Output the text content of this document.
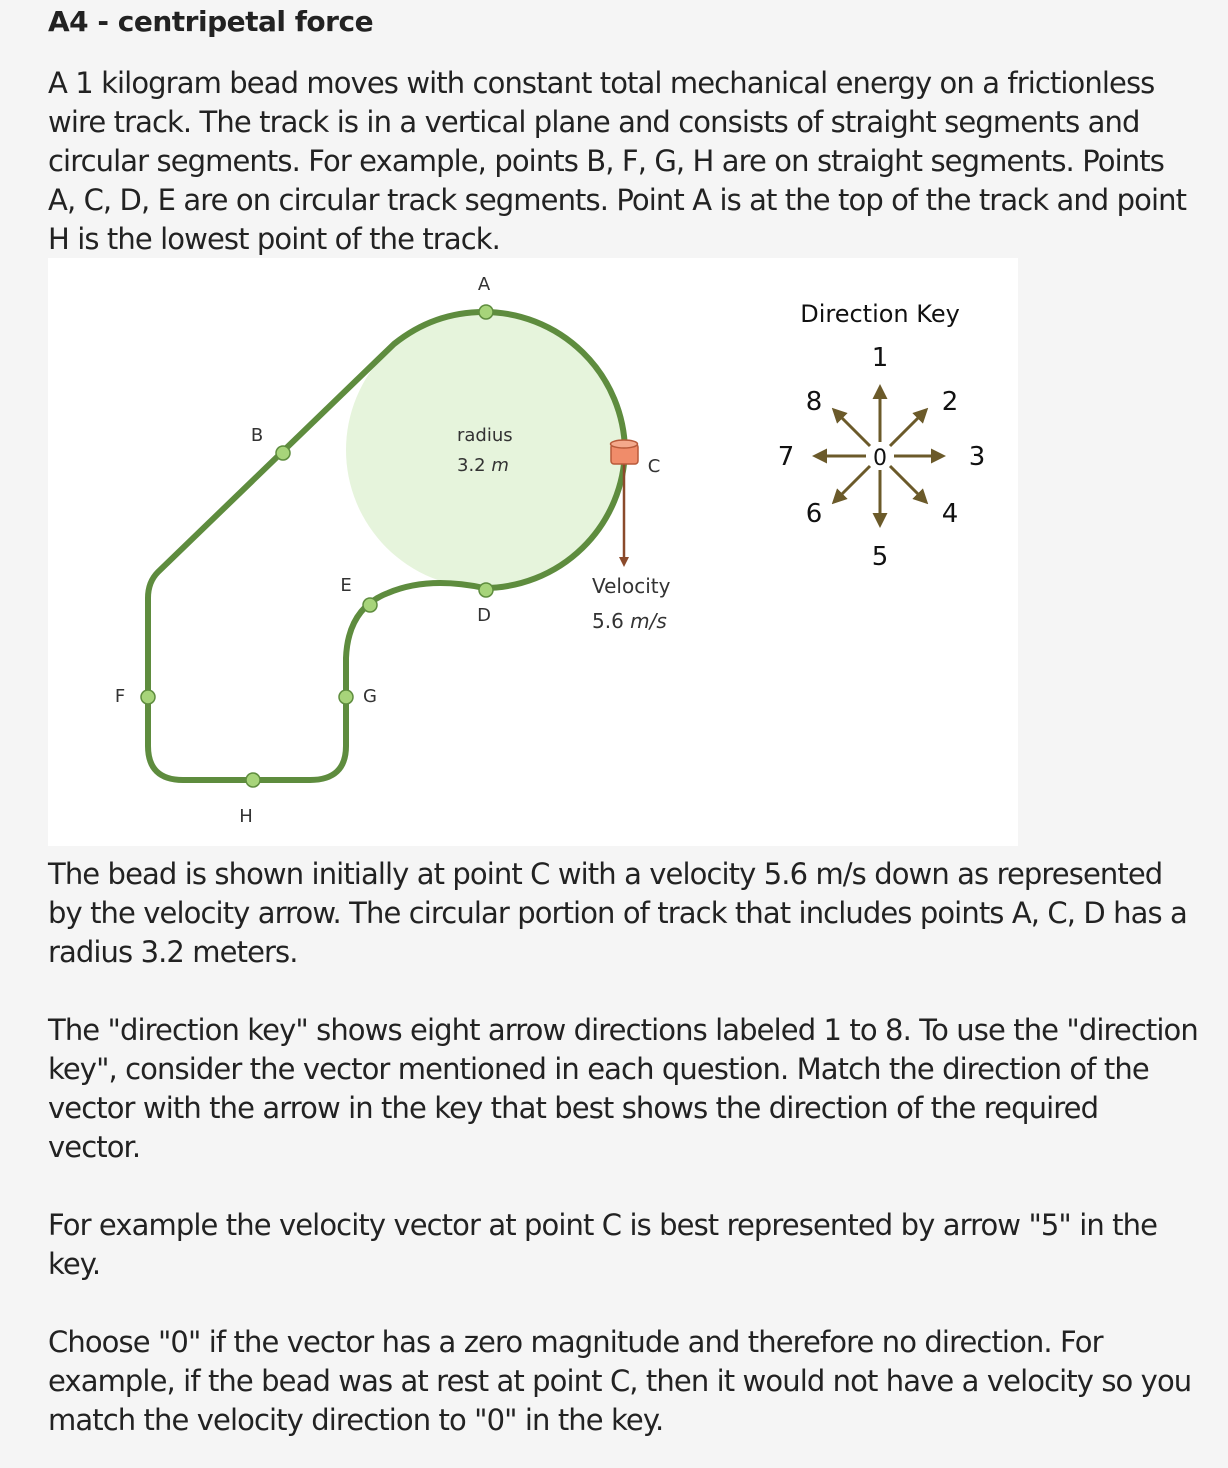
A4 - centripetal force

A 1 kilogram bead moves with constant total mechanical energy on a frictionless wire track. The track is in a vertical plane and consists of straight segments and circular segments. For example, points B, F, G, H are on straight segments. Points A, C, D, E are on circular track segments. Point A is at the top of the track and point H is the lowest point of the track.

A
B
C
D
E
F	G
H
radius
3.2 m
Velocity
5.6 m/s
Direction Key
0
1
2
3
4
5
6
7
8

The bead is shown initially at point C with a velocity 5.6 m/s down as represented by the velocity arrow. The circular portion of track that includes points A, C, D has a radius 3.2 meters.

The "direction key" shows eight arrow directions labeled 1 to 8. To use the "direction key", consider the vector mentioned in each question. Match the direction of the vector with the arrow in the key that best shows the direction of the required vector.

For example the velocity vector at point C is best represented by arrow "5" in the key.

Choose "0" if the vector has a zero magnitude and therefore no direction. For example, if the bead was at rest at point C, then it would not have a velocity so you match the velocity direction to "0" in the key.
